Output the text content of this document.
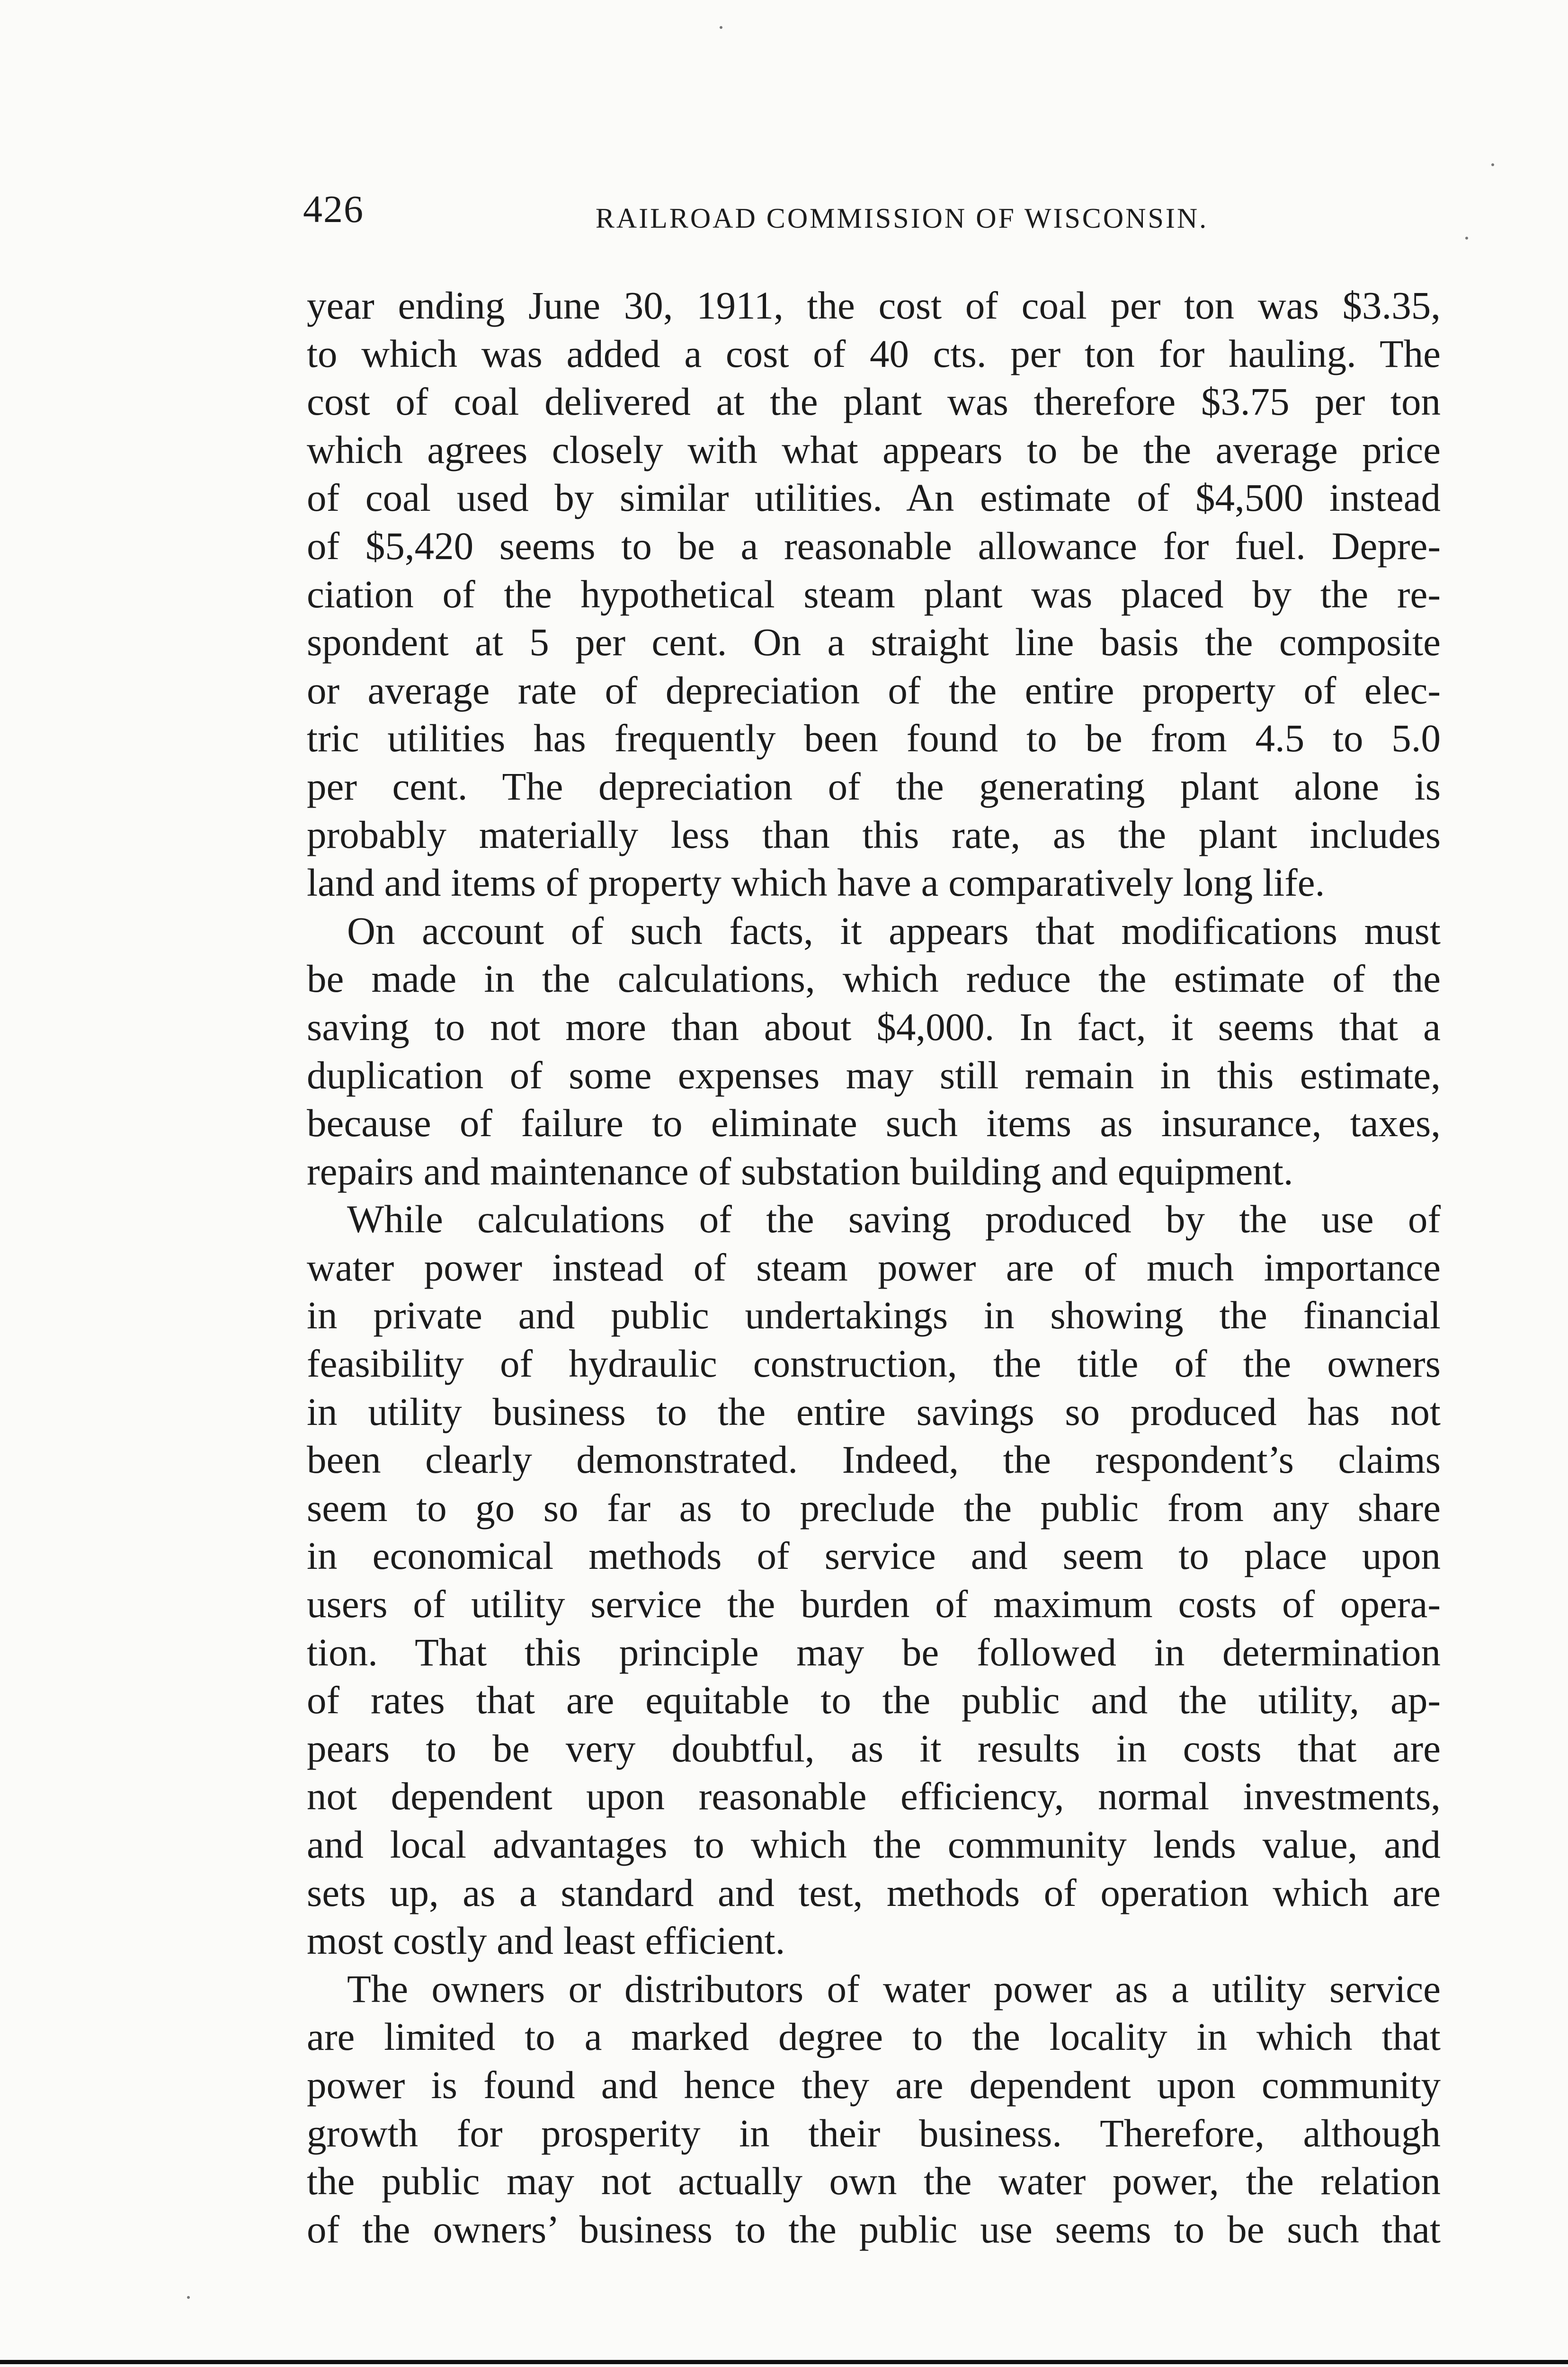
426	RAILROAD COMMISSION OF WISCONSIN.
year ending June 30, 1911, the cost of coal per ton was $3.35,
to which was added a cost of 40 cts. per ton for hauling. The
cost of coal delivered at the plant was therefore $3.75 per ton
which agrees closely with what appears to be the average price
of coal used by similar utilities. An estimate of $4,500 instead
of $5,420 seems to be a reasonable allowance for fuel. Depre-
ciation of the hypothetical steam plant was placed by the re-
spondent at 5 per cent. On a straight line basis the composite
or average rate of depreciation of the entire property of elec-
tric utilities has frequently been found to be from 4.5 to 5.0
per cent. The depreciation of the generating plant alone is
probably materially less than this rate, as the plant includes
land and items of property which have a comparatively long life.
On account of such facts, it appears that modifications must
be made in the calculations, which reduce the estimate of the
saving to not more than about $4,000. In fact, it seems that a
duplication of some expenses may still remain in this estimate,
because of failure to eliminate such items as insurance, taxes,
repairs and maintenance of substation building and equipment.
While calculations of the saving produced by the use of
water power instead of steam power are of much importance
in private and public undertakings in showing the financial
feasibility of hydraulic construction, the title of the owners
in utility business to the entire savings so produced has not
been clearly demonstrated. Indeed, the respondent’s claims
seem to go so far as to preclude the public from any share
in economical methods of service and seem to place upon
users of utility service the burden of maximum costs of opera-
tion. That this principle may be followed in determination
of rates that are equitable to the public and the utility, ap-
pears to be very doubtful, as it results in costs that are
not dependent upon reasonable efficiency, normal investments,
and local advantages to which the community lends value, and
sets up, as a standard and test, methods of operation which are
most costly and least efficient.
The owners or distributors of water power as a utility service
are limited to a marked degree to the locality in which that
power is found and hence they are dependent upon community
growth for prosperity in their business. Therefore, although
the public may not actually own the water power, the relation
of the owners’ business to the public use seems to be such that
